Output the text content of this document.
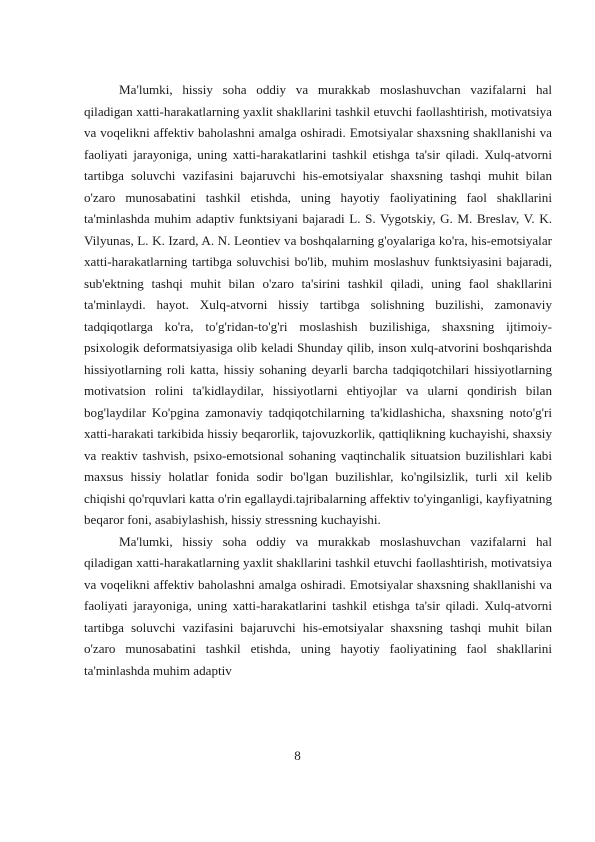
Ma'lumki, hissiy soha oddiy va murakkab moslashuvchan vazifalarni hal qiladigan xatti-harakatlarning yaxlit shakllarini tashkil etuvchi faollashtirish, motivatsiya va voqelikni affektiv baholashni amalga oshiradi. Emotsiyalar shaxsning shakllanishi va faoliyati jarayoniga, uning xatti-harakatlarini tashkil etishga ta'sir qiladi. Xulq-atvorni tartibga soluvchi vazifasini bajaruvchi his-emotsiyalar shaxsning tashqi muhit bilan o'zaro munosabatini tashkil etishda, uning hayotiy faoliyatining faol shakllarini ta'minlashda muhim adaptiv funktsiyani bajaradi L. S. Vygotskiy, G. M. Breslav, V. K. Vilyunas, L. K. Izard, A. N. Leontiev va boshqalarning g'oyalariga ko'ra, his-emotsiyalar xatti-harakatlarning tartibga soluvchisi bo'lib, muhim moslashuv funktsiyasini bajaradi, sub'ektning tashqi muhit bilan o'zaro ta'sirini tashkil qiladi, uning faol shakllarini ta'minlaydi. hayot. Xulq-atvorni hissiy tartibga solishning buzilishi, zamonaviy tadqiqotlarga ko'ra, to'g'ridan-to'g'ri moslashish buzilishiga, shaxsning ijtimoiy-psixologik deformatsiyasiga olib keladi Shunday qilib, inson xulq-atvorini boshqarishda hissiyotlarning roli katta, hissiy sohaning deyarli barcha tadqiqotchilari hissiyotlarning motivatsion rolini ta'kidlaydilar, hissiyotlarni ehtiyojlar va ularni qondirish bilan bog'laydilar Ko'pgina zamonaviy tadqiqotchilarning ta'kidlashicha, shaxsning noto'g'ri xatti-harakati tarkibida hissiy beqarorlik, tajovuzkorlik, qattiqlikning kuchayishi, shaxsiy va reaktiv tashvish, psixo-emotsional sohaning vaqtinchalik situatsion buzilishlari kabi maxsus hissiy holatlar fonida sodir bo'lgan buzilishlar, ko'ngilsizlik, turli xil kelib chiqishi qo'rquvlari katta o'rin egallaydi.tajribalarning affektiv to'yinganligi, kayfiyatning beqaror foni, asabiylashish, hissiy stressning kuchayishi.

Ma'lumki, hissiy soha oddiy va murakkab moslashuvchan vazifalarni hal qiladigan xatti-harakatlarning yaxlit shakllarini tashkil etuvchi faollashtirish, motivatsiya va voqelikni affektiv baholashni amalga oshiradi. Emotsiyalar shaxsning shakllanishi va faoliyati jarayoniga, uning xatti-harakatlarini tashkil etishga ta'sir qiladi. Xulq-atvorni tartibga soluvchi vazifasini bajaruvchi his-emotsiyalar shaxsning tashqi muhit bilan o'zaro munosabatini tashkil etishda, uning hayotiy faoliyatining faol shakllarini ta'minlashda muhim adaptiv

8
